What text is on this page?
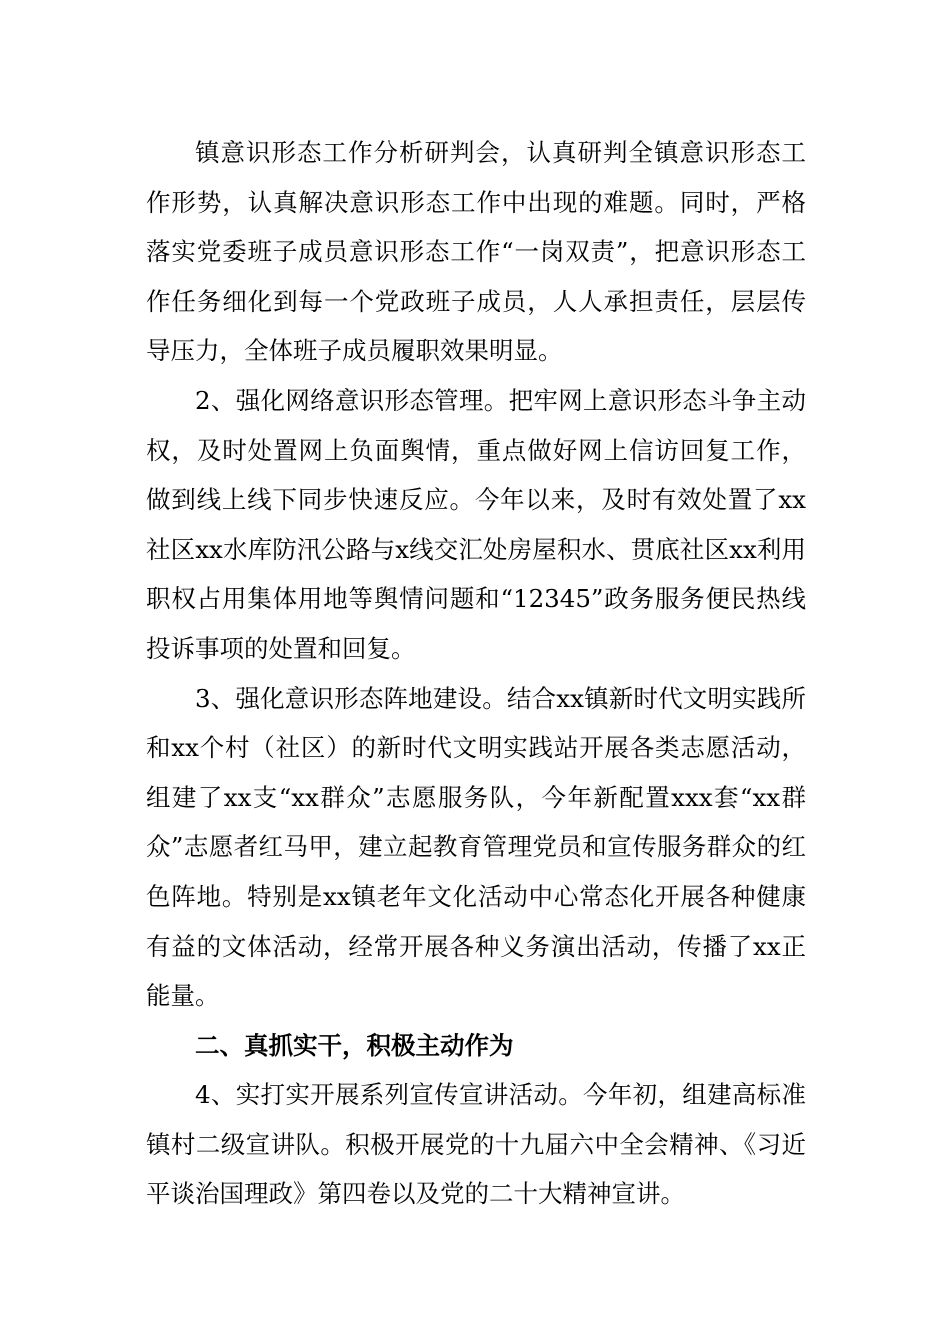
镇意识形态工作分析研判会，认真研判全镇意识形态工作形势，认真解决意识形态工作中出现的难题。同时，严格落实党委班子成员意识形态工作“一岗双责”，把意识形态工作任务细化到每一个党政班子成员，人人承担责任，层层传导压力，全体班子成员履职效果明显。

2、强化网络意识形态管理。把牢网上意识形态斗争主动权，及时处置网上负面舆情，重点做好网上信访回复工作，做到线上线下同步快速反应。今年以来，及时有效处置了xx社区xx水库防汛公路与x线交汇处房屋积水、贯底社区xx利用职权占用集体用地等舆情问题和“12345”政务服务便民热线投诉事项的处置和回复。

3、强化意识形态阵地建设。结合xx镇新时代文明实践所和xx个村（社区）的新时代文明实践站开展各类志愿活动，组建了xx支“xx群众”志愿服务队，今年新配置xxx套“xx群众”志愿者红马甲，建立起教育管理党员和宣传服务群众的红色阵地。特别是xx镇老年文化活动中心常态化开展各种健康有益的文体活动，经常开展各种义务演出活动，传播了xx正能量。

二、真抓实干，积极主动作为

4、实打实开展系列宣传宣讲活动。今年初，组建高标准镇村二级宣讲队。积极开展党的十九届六中全会精神、《习近平谈治国理政》第四卷以及党的二十大精神宣讲。
